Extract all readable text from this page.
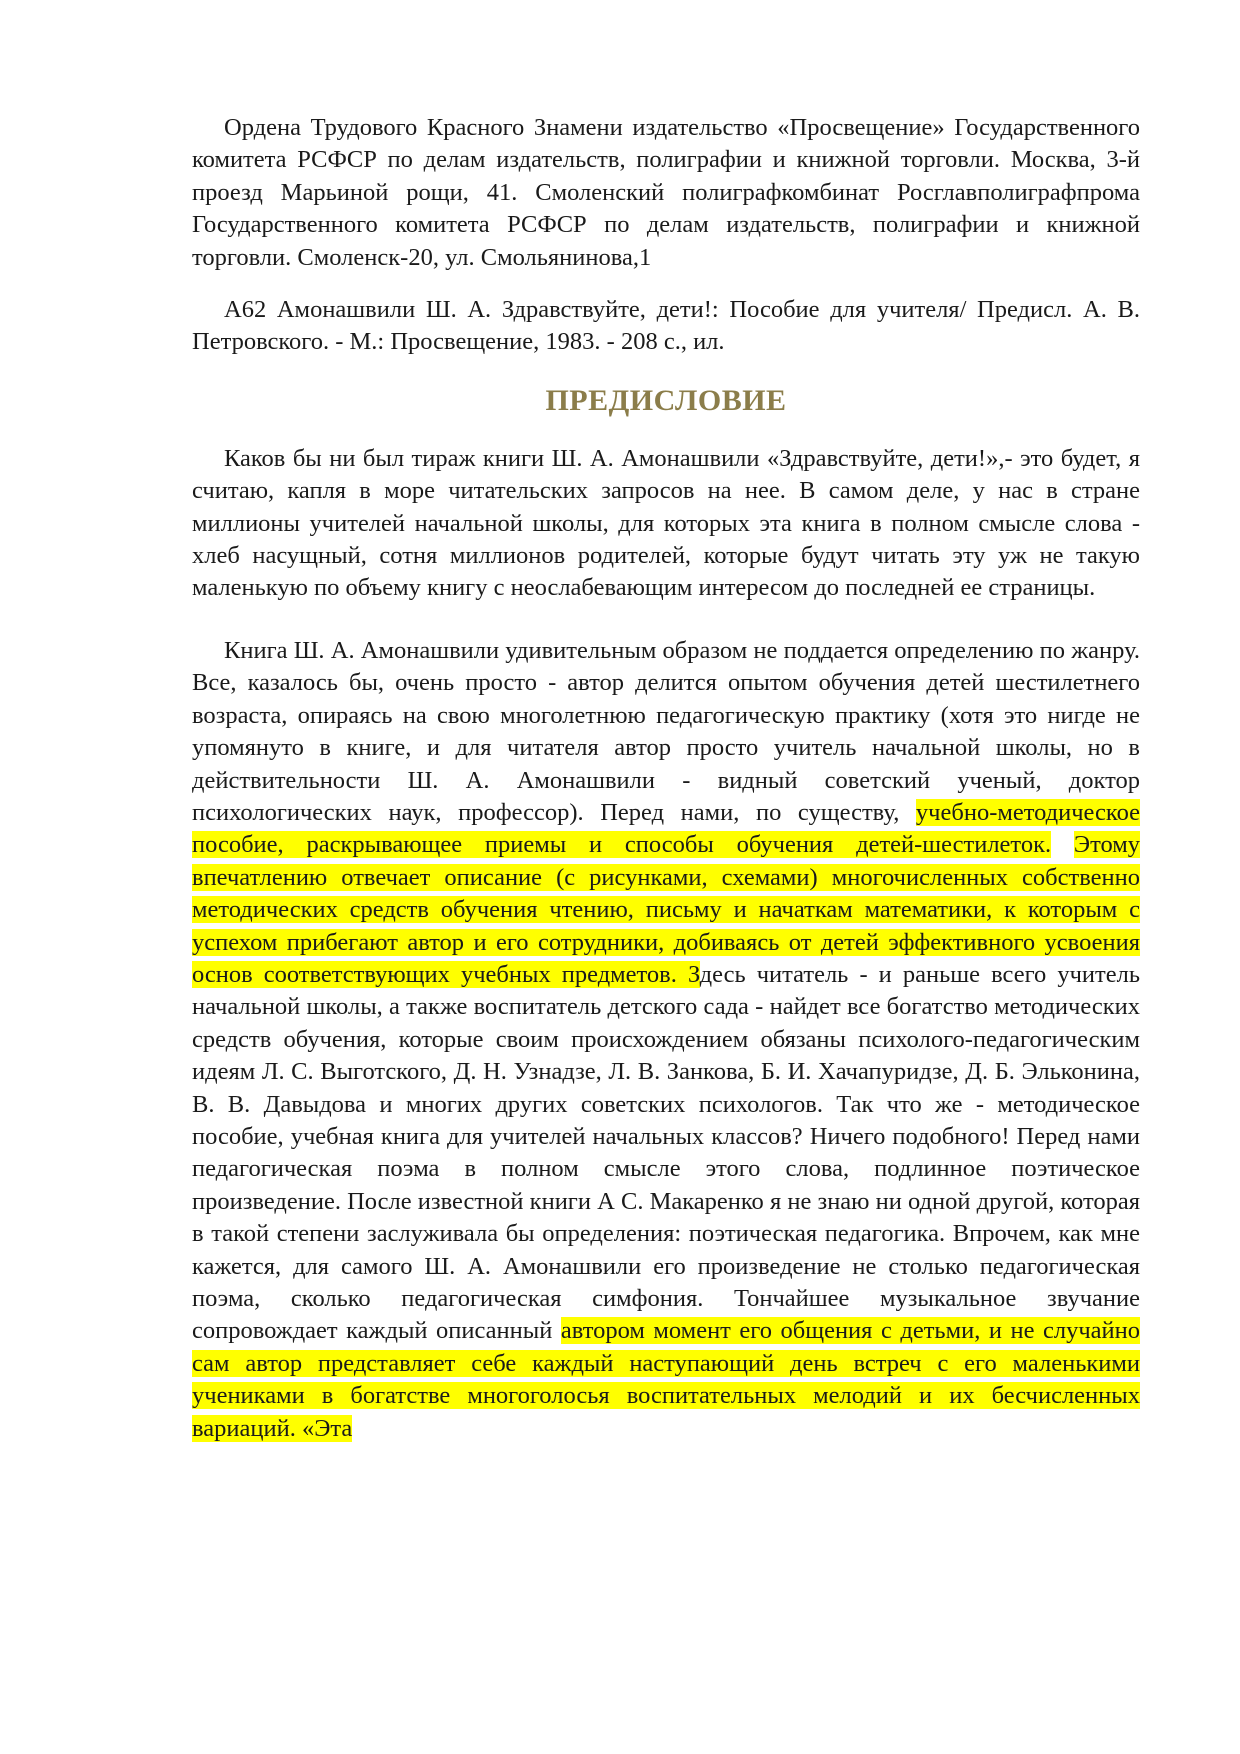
Ордена Трудового Красного Знамени издательство «Просвещение» Государственного комитета РСФСР по делам издательств, полиграфии и книжной торговли. Москва, 3-й проезд Марьиной рощи, 41. Смоленский полиграфкомбинат Росглавполиграфпрома Государственного комитета РСФСР по делам издательств, полиграфии и книжной торговли. Смоленск-20, ул. Смольянинова,1

А62 Амонашвили Ш. А. Здравствуйте, дети!: Пособие для учителя/ Предисл. А. В. Петровского. - М.: Просвещение, 1983. - 208 с., ил.

ПРЕДИСЛОВИЕ

Каков бы ни был тираж книги Ш. А. Амонашвили «Здравствуйте, дети!»,- это будет, я считаю, капля в море читательских запросов на нее. В самом деле, у нас в стране миллионы учителей начальной школы, для которых эта книга в полном смысле слова - хлеб насущный, сотня миллионов родителей, которые будут читать эту уж не такую маленькую по объему книгу с неослабевающим интересом до последней ее страницы.

Книга Ш. А. Амонашвили удивительным образом не поддается определению по жанру. Все, казалось бы, очень просто - автор делится опытом обучения детей шестилетнего возраста, опираясь на свою многолетнюю педагогическую практику (хотя это нигде не упомянуто в книге, и для читателя автор просто учитель начальной школы, но в действительности Ш. А. Амонашвили - видный советский ученый, доктор психологических наук, профессор). Перед нами, по существу, учебно-методическое пособие, раскрывающее приемы и способы обучения детей-шестилеток. Этому впечатлению отвечает описание (с рисунками, схемами) многочисленных собственно методических средств обучения чтению, письму и начаткам математики, к которым с успехом прибегают автор и его сотрудники, добиваясь от детей эффективного усвоения основ соответствующих учебных предметов. Здесь читатель - и раньше всего учитель начальной школы, а также воспитатель детского сада - найдет все богатство методических средств обучения, которые своим происхождением обязаны психолого-педагогическим идеям Л. С. Выготского, Д. Н. Узнадзе, Л. В. Занкова, Б. И. Хачапуридзе, Д. Б. Эльконина, В. В. Давыдова и многих других советских психологов. Так что же - методическое пособие, учебная книга для учителей начальных классов? Ничего подобного! Перед нами педагогическая поэма в полном смысле этого слова, подлинное поэтическое произведение. После известной книги А С. Макаренко я не знаю ни одной другой, которая в такой степени заслуживала бы определения: поэтическая педагогика. Впрочем, как мне кажется, для самого Ш. А. Амонашвили его произведение не столько педагогическая поэма, сколько педагогическая симфония. Тончайшее музыкальное звучание сопровождает каждый описанный автором момент его общения с детьми, и не случайно сам автор представляет себе каждый наступающий день встреч с его маленькими учениками в богатстве многоголосья воспитательных мелодий и их бесчисленных вариаций. «Эта
